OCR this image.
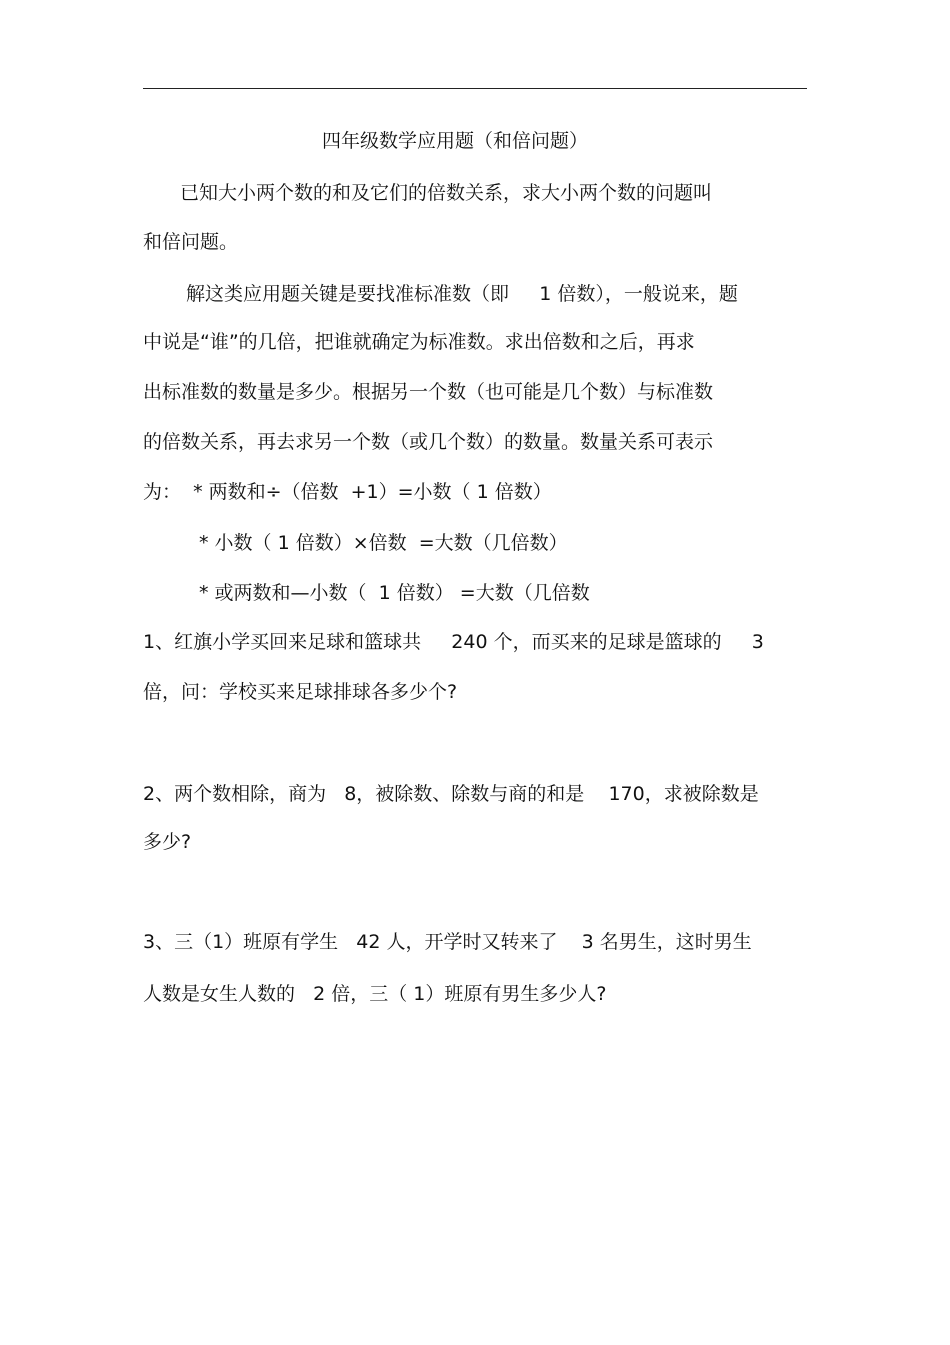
四年级数学应用题（和倍问题）

已知大小两个数的和及它们的倍数关系，求大小两个数的问题叫

和倍问题。

解这类应用题关键是要找准标准数（即     1 倍数），一般说来，题

中说是“谁”的几倍，把谁就确定为标准数。求出倍数和之后，再求

出标准数的数量是多少。根据另一个数（也可能是几个数）与标准数

的倍数关系，再去求另一个数（或几个数）的数量。数量关系可表示

为：  * 两数和÷（倍数  +1）=小数（ 1 倍数）

* 小数（ 1 倍数）×倍数  =大数（几倍数）

* 或两数和—小数（  1 倍数） =大数（几倍数

1、红旗小学买回来足球和篮球共     240 个，而买来的足球是篮球的     3

倍，问：学校买来足球排球各多少个?

2、两个数相除，商为   8，被除数、除数与商的和是    170，求被除数是

多少?

3、三（1）班原有学生   42 人，开学时又转来了    3 名男生，这时男生

人数是女生人数的   2 倍，三（ 1）班原有男生多少人?
